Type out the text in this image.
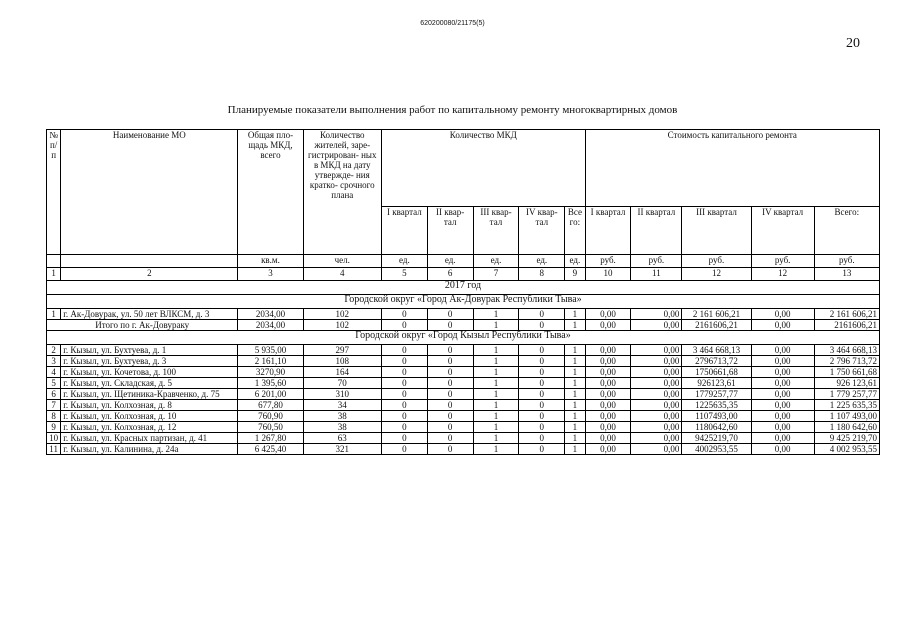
620200080/21175(5)
20
Планируемые показатели выполнения работ по капитальному ремонту многоквартирных домов
№ п/п	Наименование МО	Общая пло- щадь МКД, всего	Количество жителей, заре- гистрирован- ных в МКД на дату утвержде- ния кратко- срочного плана	Количество МКД					Стоимость капитального ремонта				
				I квартал	II квар- тал	III квар- тал	IV квар- тал	Все го:	I квартал	II квартал	III квартал	IV квартал	Всего:
		кв.м.	чел.	ед.	ед.	ед.	ед.	ед.	руб.	руб.	руб.	руб.	руб.
1	2	3	4	5	6	7	8	9	10	11	12	12	13
2017 год													
Городской округ «Город Ак-Довурак Республики Тыва»													
1	г. Ак-Довурак, ул. 50 лет ВЛКСМ, д. 3	2034,00	102	0	0	1	0	1	0,00	0,00	2 161 606,21	0,00	2 161 606,21
Итого по г. Ак-Довураку		2034,00	102	0	0	1	0	1	0,00	0,00	2161606,21	0,00	2161606,21
Городской округ «Город Кызыл Республики Тыва»													
2	г. Кызыл, ул. Бухтуева, д. 1	5 935,00	297	0	0	1	0	1	0,00	0,00	3 464 668,13	0,00	3 464 668,13
3	г. Кызыл, ул. Бухтуева, д. 3	2 161,10	108	0	0	1	0	1	0,00	0,00	2796713,72	0,00	2 796 713,72
4	г. Кызыл, ул. Кочетова, д. 100	3270,90	164	0	0	1	0	1	0,00	0,00	1750661,68	0,00	1 750 661,68
5	г. Кызыл, ул. Складская, д. 5	1 395,60	70	0	0	1	0	1	0,00	0,00	926123,61	0,00	926 123,61
6	г. Кызыл, ул. Щетиника-Кравченко, д. 75	6 201,00	310	0	0	1	0	1	0,00	0,00	1779257,77	0,00	1 779 257,77
7	г. Кызыл, ул. Колхозная, д. 8	677,80	34	0	0	1	0	1	0,00	0,00	1225635,35	0,00	1 225 635,35
8	г. Кызыл, ул. Колхозная, д. 10	760,90	38	0	0	1	0	1	0,00	0,00	1107493,00	0,00	1 107 493,00
9	г. Кызыл, ул. Колхозная, д. 12	760,50	38	0	0	1	0	1	0,00	0,00	1180642,60	0,00	1 180 642,60
10	г. Кызыл, ул. Красных партизан, д. 41	1 267,80	63	0	0	1	0	1	0,00	0,00	9425219,70	0,00	9 425 219,70
11	г. Кызыл, ул. Калинина, д. 24а	6 425,40	321	0	0	1	0	1	0,00	0,00	4002953,55	0,00	4 002 953,55
